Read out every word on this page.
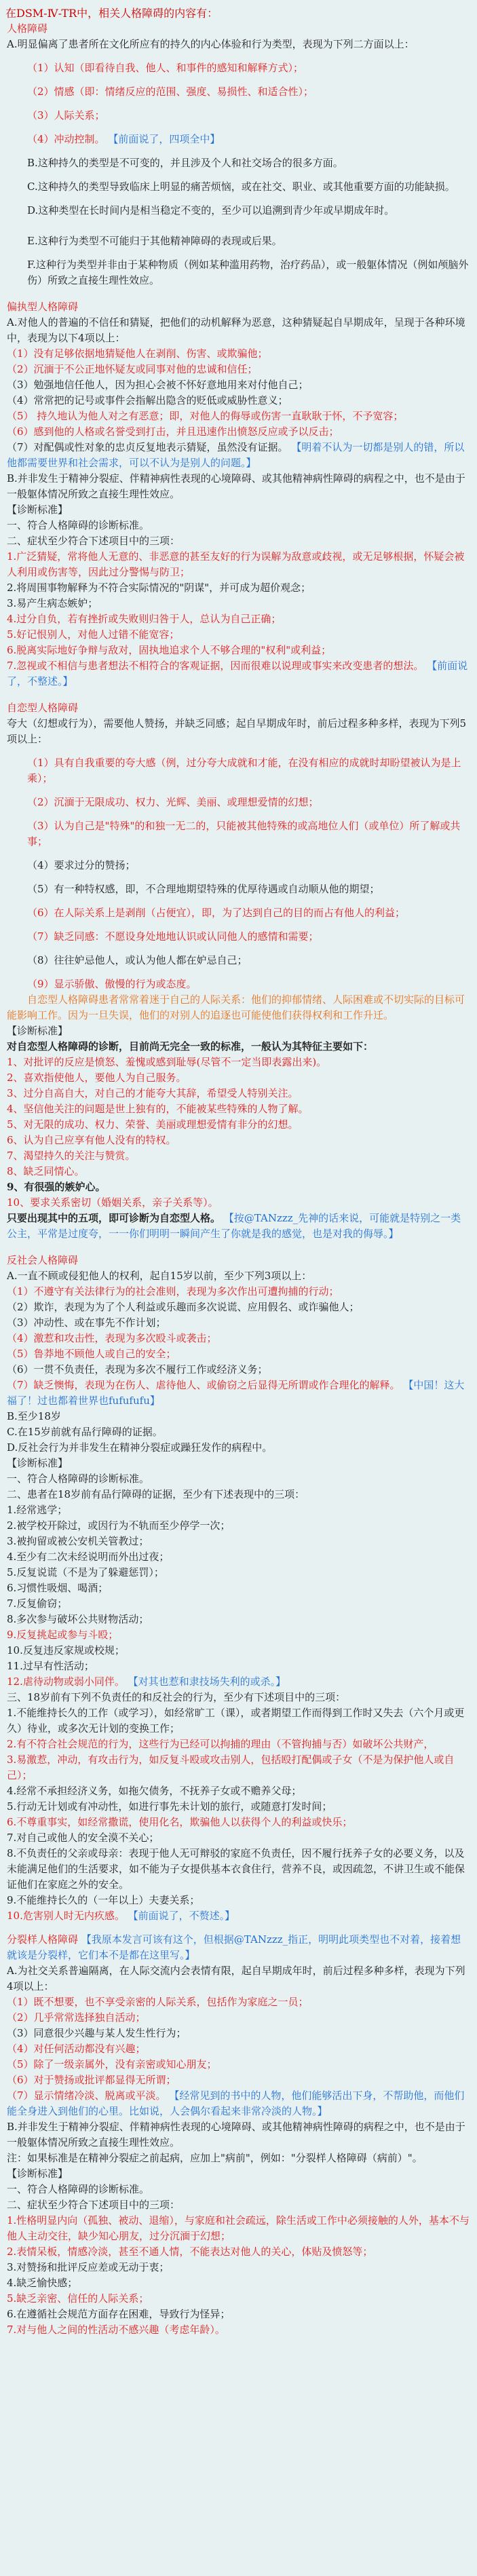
在DSM-Ⅳ-TR中，相关人格障碍的内容有：
人格障碍
A.明显偏离了患者所在文化所应有的持久的内心体验和行为类型，表现为下列二方面以上：
（1）认知（即看待自我、他人、和事件的感知和解释方式）；
（2）情感（即：情绪反应的范围、强度、易损性、和适合性）；
（3）人际关系；
（4）冲动控制。 【前面说了，四项全中】
B.这种持久的类型是不可变的，并且涉及个人和社交场合的很多方面。
C.这种持久的类型导致临床上明显的痛苦烦恼，或在社交、职业、或其他重要方面的功能缺损。
D.这种类型在长时间内是相当稳定不变的，至少可以追溯到青少年或早期成年时。
E.这种行为类型不可能归于其他精神障碍的表现或后果。
F.这种行为类型并非由于某种物质（例如某种滥用药物，治疗药品），或一般躯体情况（例如颅脑外伤）所致之直接生理性效应。
偏执型人格障碍
A.对他人的普遍的不信任和猜疑，把他们的动机解释为恶意，这种猜疑起自早期成年，呈现于各种环境中，表现为以下4项以上：
（1）没有足够依据地猜疑他人在剥削、伤害、或欺骗他；
（2）沉湎于不公正地怀疑友或同事对他的忠诚和信任；
（3）勉强地信任他人，因为担心会被不怀好意地用来对付他自己；
（4）常常把的记号或事件会指解出隐含的贬低或威胁性意义；
（5） 持久地认为他人对之有恶意；即，对他人的侮辱或伤害一直耿耿于怀，不予宽容；
（6）感到他的人格或名誉受到打击，并且迅速作出愤怒反应或予以反击；
（7）对配偶或性对象的忠贞反复地表示猜疑，虽然没有证据。 【明着不认为一切都是别人的错，所以他都需要世界和社会需求，可以不认为是别人的问题。】
B.并非发生于精神分裂症、伴精神病性表现的心境障碍、或其他精神病性障碍的病程之中，也不是由于一般躯体情况所致之直接生理性效应。
【诊断标准】
一、符合人格障碍的诊断标准。
二、症状至少符合下述项目中的三项：
1.广泛猜疑，常将他人无意的、非恶意的甚至友好的行为误解为敌意或歧视，或无足够根据，怀疑会被人利用或伤害等，因此过分警惕与防卫；
2.将周围事物解释为不符合实际情况的"阴谋"，并可成为超价观念；
3.易产生病态嫉妒；
4.过分自负，若有挫折或失败则归咎于人，总认为自己正确；
5.好记恨别人，对他人过错不能宽容；
6.脱离实际地好争辩与敌对，固执地追求个人不够合理的"权利"或利益；
7.忽视或不相信与患者想法不相符合的客观证据，因而很难以说理或事实来改变患者的想法。 【前面说了，不整述。】
自恋型人格障碍
夸大（幻想或行为），需要他人赞扬，并缺乏同感；起自早期成年时，前后过程多种多样，表现为下列5项以上：
（1）具有自我重要的夸大感（例，过分夸大成就和才能，在没有相应的成就时却盼望被认为是上乘）；
（2）沉湎于无限成功、权力、光辉、美丽、或理想爱情的幻想；
（3）认为自己是"特殊"的和独一无二的，只能被其他特殊的或高地位人们（或单位）所了解或共事；
（4）要求过分的赞扬；
（5）有一种特权感，即，不合理地期望特殊的优厚待遇或自动顺从他的期望；
（6）在人际关系上是剥削（占便宜），即，为了达到自己的目的而占有他人的利益；
（7）缺乏同感：不愿设身处地地认识或认同他人的感情和需要；
（8）往往妒忌他人，或认为他人都在妒忌自己；
（9）显示骄傲、傲慢的行为或态度。
自恋型人格障碍患者常常着迷于自己的人际关系：他们的抑郁情绪、人际困难或不切实际的目标可能影响工作。因为一旦失误，他们的对别人的追逐也可能使他们获得权利和工作升迁。
【诊断标准】
对自恋型人格障碍的诊断，目前尚无完全一致的标准，一般认为其特征主要如下：
1、对批评的反应是愤怒、羞愧或感到耻辱(尽管不一定当即表露出来)。
2、喜欢指使他人，要他人为自己服务。
3、过分自高自大，对自己的才能夸大其辞，希望受人特别关注。
4、坚信他关注的问题是世上独有的，不能被某些特殊的人物了解。
5、对无限的成功、权力、荣誉、美丽或理想爱情有非分的幻想。
6、认为自己应享有他人没有的特权。
7、渴望持久的关注与赞赏。
8、缺乏同情心。
9、有很强的嫉妒心。
10、要求关系密切（婚姻关系，亲子关系等）。
只要出现其中的五项，即可诊断为自恋型人格。 【按@TANzzz_先神的话来说，可能就是特别之一类公主，平常是过度夸，一一你们明明一瞬间产生了你就是我的感觉，也是对我的侮辱。】
反社会人格障碍
A.一直不顾或侵犯他人的权利，起自15岁以前，至少下列3项以上：
（1）不遵守有关法律行为的社会准则，表现为多次作出可遭拘捕的行动；
（2）欺诈，表现为为了个人利益或乐趣而多次说谎、应用假名、或诈骗他人；
（3）冲动性、或在事先不作计划；
（4）激惹和攻击性，表现为多次殴斗或袭击；
（5）鲁莽地不顾他人或自己的安全；
（6）一贯不负责任，表现为多次不履行工作或经济义务；
（7）缺乏懊悔，表现为在伤人、虐待他人、或偷窃之后显得无所谓或作合理化的解释。 【中国！这大福了！过也都着世界也fufufufu】
B.至少18岁
C.在15岁前就有品行障碍的证据。
D.反社会行为并非发生在精神分裂症或躁狂发作的病程中。
【诊断标准】
一、符合人格障碍的诊断标准。
二、患者在18岁前有品行障碍的证据，至少有下述表现中的三项：
1.经常逃学；
2.被学校开除过，或因行为不轨而至少停学一次；
3.被拘留或被公安机关管教过；
4.至少有二次未经说明而外出过夜；
5.反复说谎（不是为了躲避惩罚）；
6.习惯性吸烟、喝酒；
7.反复偷窃；
8.多次参与破坏公共财物活动；
9.反复挑起或参与斗殴；
10.反复违反家规或校规；
11.过早有性活动；
12.虐待动物或弱小同伴。 【对其也惹和隶技场失利的或杀。】
三、18岁前有下列不负责任的和反社会的行为，至少有下述项目中的三项：
1.不能维持长久的工作（或学习），如经常旷工（课），或者期望工作而得到工作时又失去（六个月或更久）待业，或多次无计划的变换工作；
2.有不符合社会规范的行为，这些行为已经可以拘捕的理由（不管拘捕与否）如破坏公共财产，
3.易激惹，冲动，有攻击行为，如反复斗殴或攻击别人，包括殴打配偶或子女（不是为保护他人或自己）；
4.经常不承担经济义务，如拖欠债务，不抚养子女或不赡养父母；
5.行动无计划或有冲动性，如进行事先未计划的旅行，或随意打发时间；
6.不尊重事实，如经常撒谎，使用化名，欺骗他人以获得个人的利益或快乐；
7.对自己或他人的安全漠不关心；
8.不负责任的父亲或母亲：表现于他人无可辩驳的家庭不负责任，因不履行抚养子女的必要义务，以及未能满足他们的生活要求，如不能为子女提供基本衣食住行，营养不良，或因疏忽，不讲卫生或不能保证他们在家庭之外的安全。
9.不能维持长久的（一年以上）夫妻关系；
10.危害别人时无内疚感。 【前面说了，不赘述。】
分裂样人格障碍 【我原本发言可该有这个，但根据@TANzzz_指正，明明此项类型也不对着，接着想就该是分裂样，它们本不是都在这里写。】
A.为社交关系普遍隔离，在人际交流内会表情有限，起自早期成年时，前后过程多种多样，表现为下列4项以上：
（1）既不想要，也不享受亲密的人际关系，包括作为家庭之一员；
（2）几乎常常选择独自活动；
（3）同意很少兴趣与某人发生性行为；
（4）对任何活动都没有兴趣；
（5）除了一级亲属外，没有亲密或知心朋友；
（6）对于赞扬或批评都显得无所谓；
（7）显示情绪冷淡、脱离或平淡。 【经常见到的书中的人物，他们能够活出下身，不帮助他，而他们能全身进入到他们的心里。比如说，人会偶尔看起来非常冷淡的人物。】
B.并非发生于精神分裂症、伴精神病性表现的心境障碍、或其他精神病性障碍的病程之中，也不是由于一般躯体情况所致之直接生理性效应。
注：如果标准是在精神分裂症之前起病，应加上"病前"，例如："分裂样人格障碍（病前）"。
【诊断标准】
一、符合人格障碍的诊断标准。
二、症状至少符合下述项目中的三项：
1.性格明显内向（孤独、被动、退缩），与家庭和社会疏远，除生活或工作中必须接触的人外，基本不与他人主动交往，缺少知心朋友，过分沉湎于幻想；
2.表情呆板，情感冷淡，甚至不通人情，不能表达对他人的关心，体贴及愤怒等；
3.对赞扬和批评反应差或无动于衷；
4.缺乏愉快感；
5.缺乏亲密、信任的人际关系；
6.在遵循社会规范方面存在困难，导致行为怪异；
7.对与他人之间的性活动不感兴趣（考虑年龄）。
